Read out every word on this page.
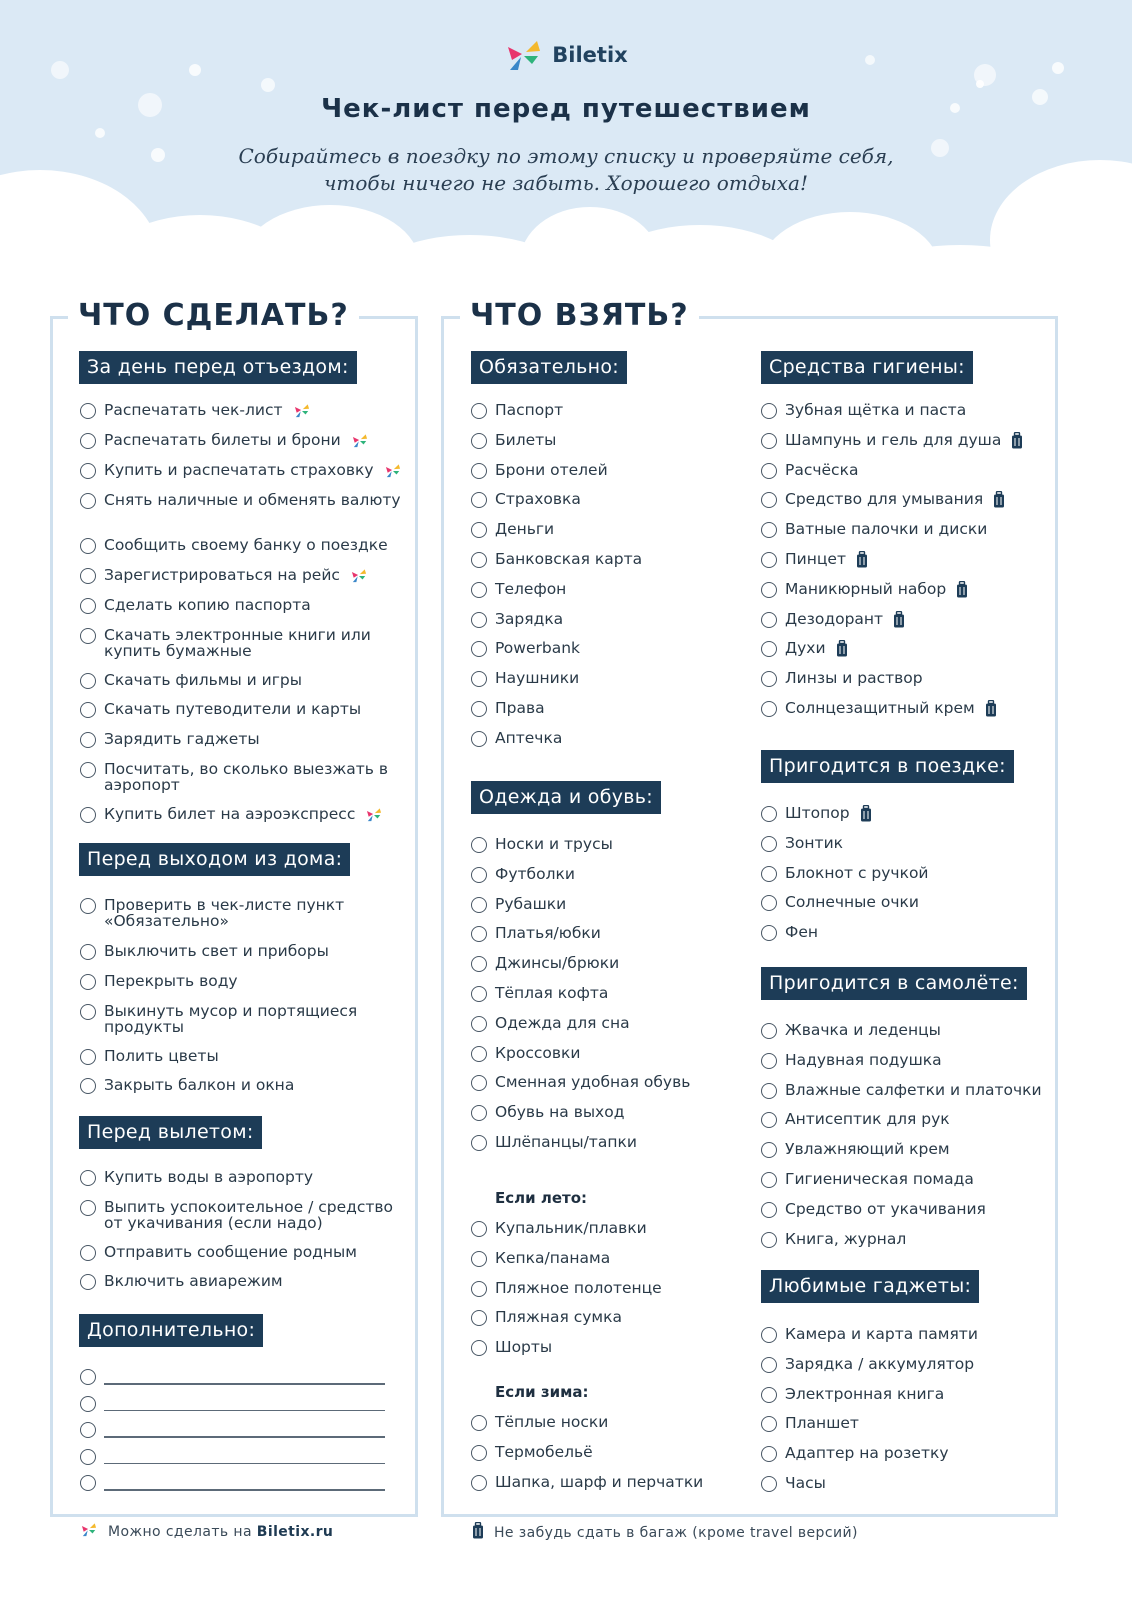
Biletix
Чек-лист перед путешествием
Собирайтесь в поездку по этому списку и проверяйте себя,
чтобы ничего не забыть. Хорошего отдыха!
ЧТО СДЕЛАТЬ?	ЧТО ВЗЯТЬ?
За день перед отъездом:
Распечатать чек-лист
Распечатать билеты и брони
Купить и распечатать страховку
Снять наличные и обменять валюту
Сообщить своему банку о поездке
Зарегистрироваться на рейс
Сделать копию паспорта
Скачать электронные книги или купить бумажные
Скачать фильмы и игры
Скачать путеводители и карты
Зарядить гаджеты
Посчитать, во сколько выезжать в аэропорт
Купить билет на аэроэкспресс
Перед выходом из дома:
Проверить в чек-листе пункт «Обязательно»
Выключить свет и приборы
Перекрыть воду
Выкинуть мусор и портящиеся продукты
Полить цветы
Закрыть балкон и окна
Перед вылетом:
Купить воды в аэропорту
Выпить успокоительное / средство от укачивания (если надо)
Отправить сообщение родным
Включить авиарежим
Дополнительно:
Обязательно:
Паспорт
Билеты
Брони отелей
Страховка
Деньги
Банковская карта
Телефон
Зарядка
Powerbank
Наушники
Права
Аптечка
Одежда и обувь:
Носки и трусы
Футболки
Рубашки
Платья/юбки
Джинсы/брюки
Тёплая кофта
Одежда для сна
Кроссовки
Сменная удобная обувь
Обувь на выход
Шлёпанцы/тапки
Если лето:
Купальник/плавки
Кепка/панама
Пляжное полотенце
Пляжная сумка
Шорты
Если зима:
Тёплые носки
Термобельё
Шапка, шарф и перчатки
Средства гигиены:
Зубная щётка и паста
Шампунь и гель для душа
Расчёска
Средство для умывания
Ватные палочки и диски
Пинцет
Маникюрный набор
Дезодорант
Духи
Линзы и раствор
Солнцезащитный крем
Пригодится в поездке:
Штопор
Зонтик
Блокнот с ручкой
Солнечные очки
Фен
Пригодится в самолёте:
Жвачка и леденцы
Надувная подушка
Влажные салфетки и платочки
Антисептик для рук
Увлажняющий крем
Гигиеническая помада
Средство от укачивания
Книга, журнал
Любимые гаджеты:
Камера и карта памяти
Зарядка / аккумулятор
Электронная книга
Планшет
Адаптер на розетку
Часы
Можно сделать на Biletix.ru	Не забудь сдать в багаж (кроме travel версий)
